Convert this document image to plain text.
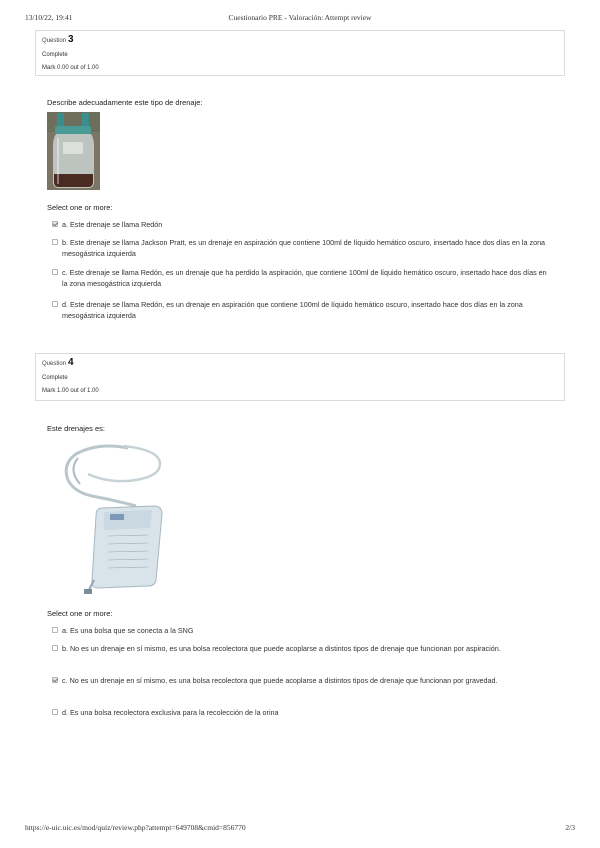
13/10/22, 19:41	Cuestionario PRE - Valoración: Attempt review
Question 3
Complete
Mark 0.00 out of 1.00
Describe adecuadamente este tipo de drenaje:
Select one or more:
a. Este drenaje se llama Redón
b. Este drenaje se llama Jackson Pratt, es un drenaje en aspiración que contiene 100ml de líquido hemático oscuro, insertado hace dos días en la zona mesogástrica izquierda
c. Este drenaje se llama Redón, es un drenaje que ha perdido la aspiración, que contiene 100ml de líquido hemático oscuro, insertado hace dos días en la zona mesogástrica izquierda
d. Este drenaje se llama Redón, es un drenaje en aspiración que contiene 100ml de líquido hemático oscuro, insertado hace dos días en la zona mesogástrica izquierda
Question 4
Complete
Mark 1.00 out of 1.00
Este drenajes es:
Select one or more:
a. Es una bolsa que se conecta a la SNG
b. No es un drenaje en sí mismo, es una bolsa recolectora que puede acoplarse a distintos tipos de drenaje que funcionan por aspiración.
c. No es un drenaje en sí mismo, es una bolsa recolectora que puede acoplarse a distintos tipos de drenaje que funcionan por gravedad.
d. Es una bolsa recolectora exclusiva para la recolección de la orina
https://e-uic.uic.es/mod/quiz/review.php?attempt=649708&cmid=856770	2/3
